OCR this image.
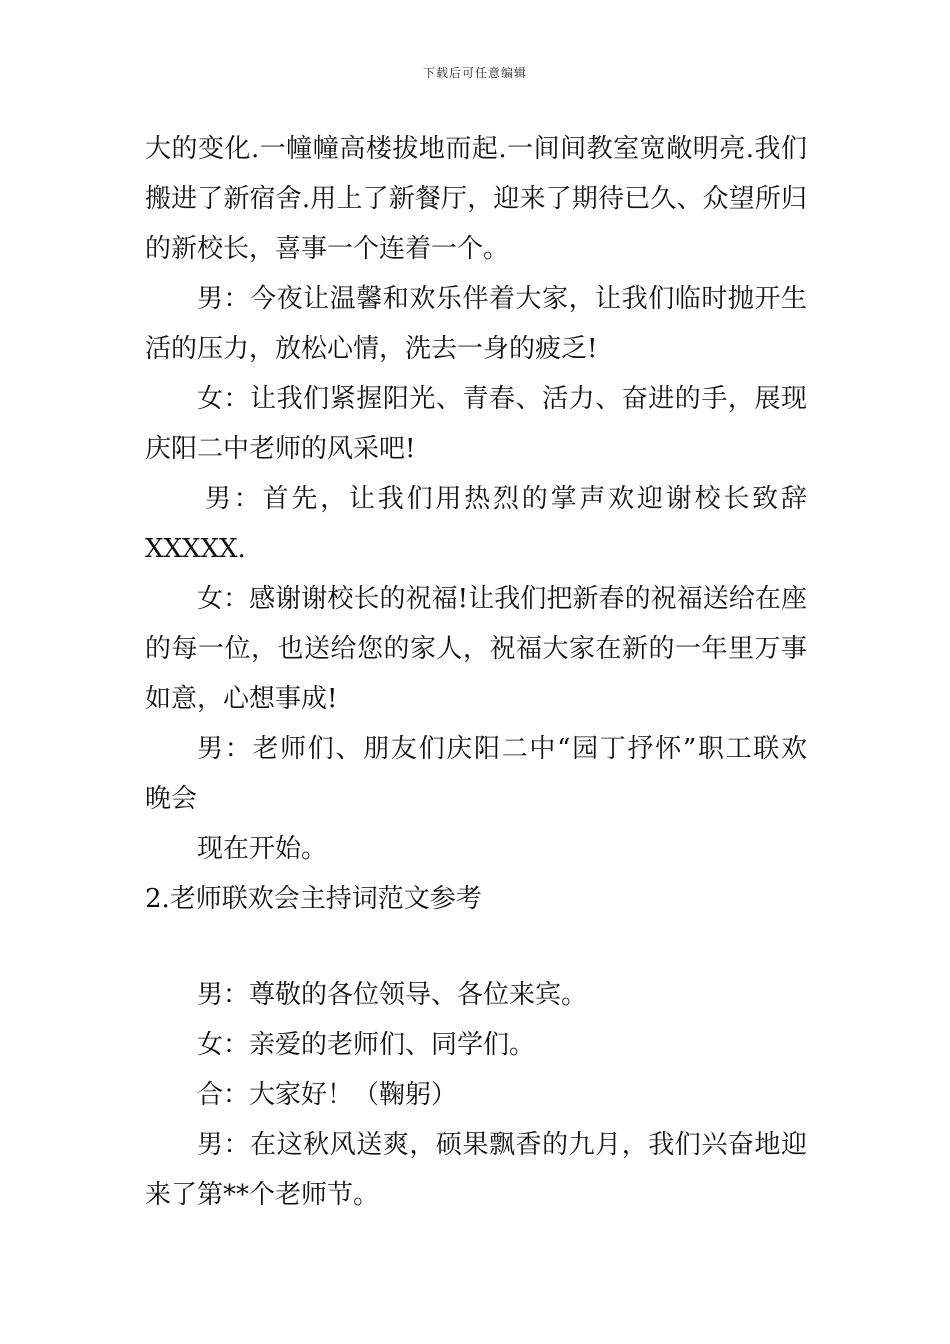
下载后可任意编辑
大的变化.一幢幢高楼拔地而起.一间间教室宽敞明亮.我们
搬进了新宿舍.用上了新餐厅，迎来了期待已久、众望所归
的新校长，喜事一个连着一个。
男：今夜让温馨和欢乐伴着大家，让我们临时抛开生
活的压力，放松心情，洗去一身的疲乏!
女：让我们紧握阳光、青春、活力、奋进的手，展现
庆阳二中老师的风采吧!
男：首先，让我们用热烈的掌声欢迎谢校长致辞
XXXXX.
女：感谢谢校长的祝福!让我们把新春的祝福送给在座
的每一位，也送给您的家人，祝福大家在新的一年里万事
如意，心想事成!
男：老师们、朋友们庆阳二中“园丁抒怀”职工联欢
晚会
现在开始。
2.老师联欢会主持词范文参考
男：尊敬的各位领导、各位来宾。
女：亲爱的老师们、同学们。
合：大家好！（鞠躬）
男：在这秋风送爽，硕果飘香的九月，我们兴奋地迎
来了第**个老师节。
